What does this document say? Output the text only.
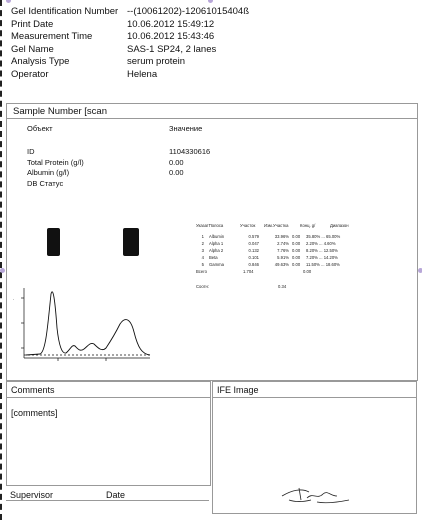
Gel Identification Number --(10061202)-12061015404ß
Print Date	10.06.2012 15:49:12
Measurement Time	10.06.2012 15:43:46
Gel Name	SAS-1 SP24, 2 lanes
Analysis Type	serum protein
Operator	Helena
Sample Number [scan
Объект	Значение
ID	1104330616
Total Protein (g/l)	0.00
Albumin (g/l)	0.00
DB Статус
УказатПолоса	Участок	Изм.Участка	Конц. g/	Диапазон
1	Albumin	0.579	33.96% 0.00	35.80% ... 65.00%
2	Alpha 1	0.047	2.74% 0.00	2.20% ... 4.60%
3	Alpha 2	0.132	7.76% 0.00	8.20% ... 12.50%
4	Beta	0.101	5.91% 0.00	7.20% ... 14.20%
5	Gamma	0.846	49.63% 0.00	11.50% ... 18.60%
Всего	1.704	0.00
Соотн:	0.34
-
Comments
[comments]
IFE Image
Supervisor	Date
